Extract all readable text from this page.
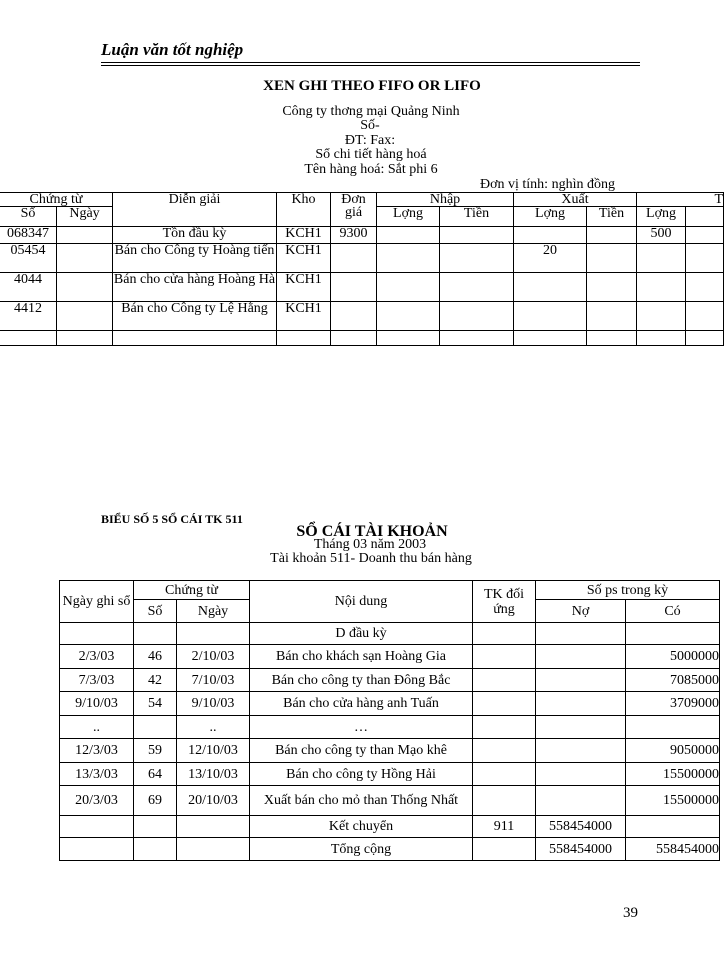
Luận văn tốt nghiệp
XEN GHI THEO FIFO OR LIFO
Công ty thơng mại Quảng Ninh
Số-
ĐT: Fax:
Sổ chi tiết hàng hoá
Tên hàng hoá: Sắt phi 6
Đơn vị tính: nghìn đồng
Chứng từ		Diễn giải	Kho	Đơn giá	Nhập		Xuất		T	
Số	Ngày				Lợng	Tiền	Lợng	Tiền	Lợng	
068347		Tồn đầu kỳ	KCH1	9300					500	
05454		Bán cho Công ty Hoàng tiến	KCH1				20			
4044		Bán cho cửa hàng Hoàng Hà	KCH1							
4412		Bán cho Công ty Lệ Hằng	KCH1							

BIỂU SỐ 5 SỔ CÁI TK 511
SỔ CÁI TÀI KHOẢN
Tháng 03 năm 2003
Tài khoản 511- Doanh thu bán hàng
Ngày ghi sổ	Chứng từ		Nội dung	TK đối ứng	Số ps trong kỳ	
	Số	Ngày			Nợ	Có
			D đầu kỳ			
2/3/03	46	2/10/03	Bán cho khách sạn Hoàng Gia			5000000
7/3/03	42	7/10/03	Bán cho công ty than Đông Bắc			7085000
9/10/03	54	9/10/03	Bán cho cửa hàng anh Tuấn			3709000
..		..	…			
12/3/03	59	12/10/03	Bán cho công ty than Mạo khê			9050000
13/3/03	64	13/10/03	Bán cho công ty Hồng Hải			15500000
20/3/03	69	20/10/03	Xuất bán cho mỏ than Thống Nhất			15500000
			Kết chuyển	911	558454000	
			Tổng cộng		558454000	558454000
39
